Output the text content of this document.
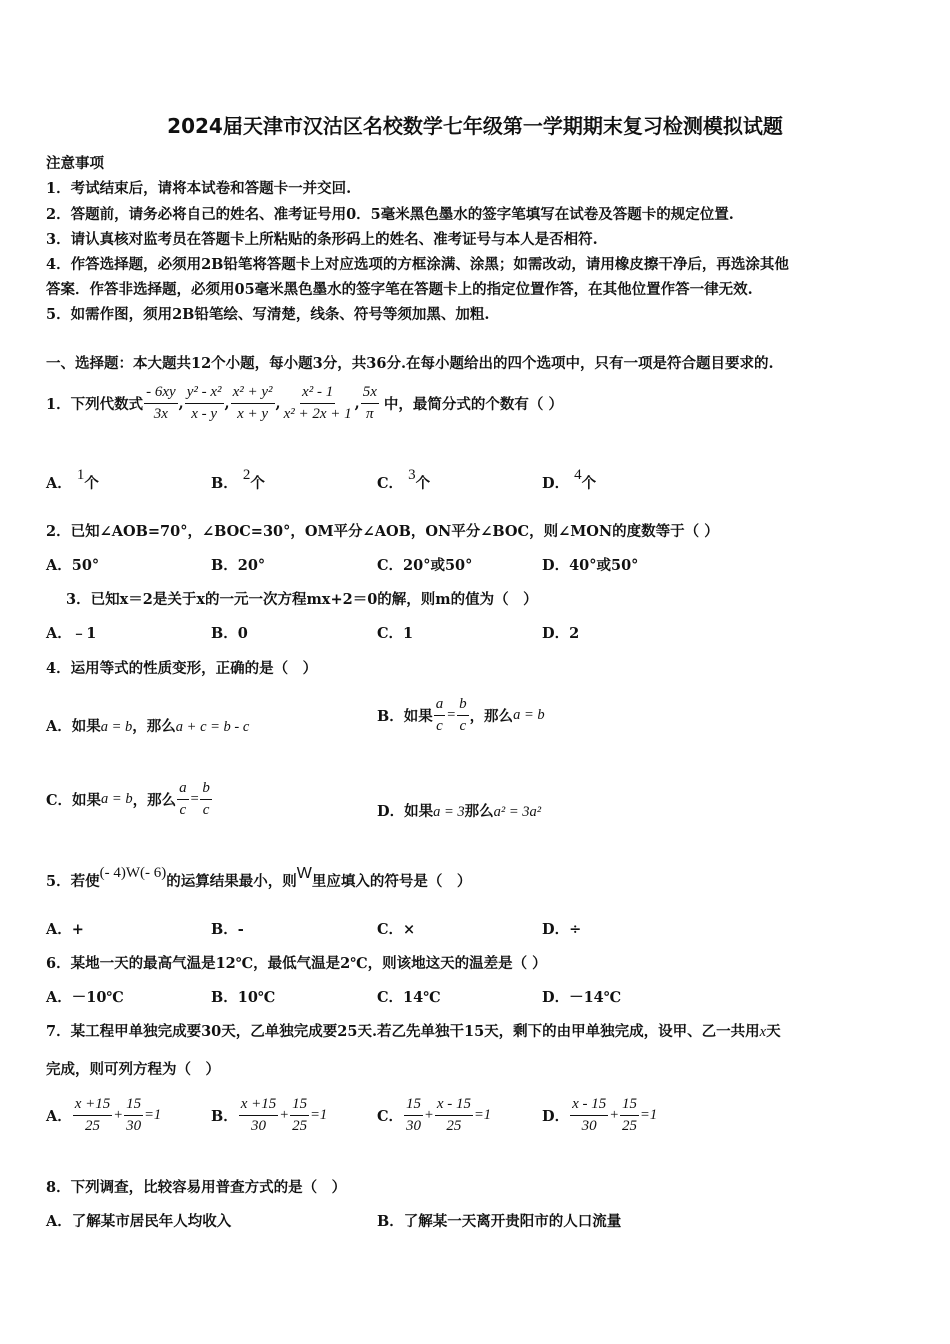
2024届天津市汉沽区名校数学七年级第一学期期末复习检测模拟试题
注意事项
1．考试结束后，请将本试卷和答题卡一并交回.
2．答题前，请务必将自己的姓名、准考证号用0．5毫米黑色墨水的签字笔填写在试卷及答题卡的规定位置.
3．请认真核对监考员在答题卡上所粘贴的条形码上的姓名、准考证号与本人是否相符.
4．作答选择题，必须用2B铅笔将答题卡上对应选项的方框涂满、涂黑；如需改动，请用橡皮擦干净后，再选涂其他
答案．作答非选择题，必须用05毫米黑色墨水的签字笔在答题卡上的指定位置作答，在其他位置作答一律无效.
5．如需作图，须用2B铅笔绘、写清楚，线条、符号等须加黑、加粗.
一、选择题：本大题共12个小题，每小题3分，共36分.在每小题给出的四个选项中，只有一项是符合题目要求的.
1．下列代数式 $\frac{- 6xy}{3x}$ , $\frac{\text{y² - x²}}{x - y}$ , $\frac{\text{x² + y²}}{x + y}$ , $\frac{\text{x² - 1}}{\text{x² + 2x + 1}}$ , $\frac{5x}{\pi}$ 中，最简分式的个数有（ ）
A． 1个	B． 2个	C． 3个	D． 4个
2．已知∠AOB=70°，∠BOC=30°，OM平分∠AOB，ON平分∠BOC，则∠MON的度数等于（ ）
A．50°	B．20°	C．20°或50°	D．40°或50°
3．已知x＝2是关于x的一元一次方程mx+2＝0的解，则m的值为（　）
A．﹣1	B．0	C．1	D．2
4．运用等式的性质变形，正确的是（　）
A．如果a = b，那么a + c = b - c
B．如果 $\frac{a}{c} = \frac{b}{c}$ ，那么 a = b
C．如果 a = b ，那么 $\frac{a}{c} = \frac{b}{c}$	D．如果a = 3那么a² = 3a²
5．若使(- 4)W(- 6)的运算结果最小，则W里应填入的符号是（　）
A．+	B．-	C．×	D．÷
6．某地一天的最高气温是12℃，最低气温是2℃，则该地这天的温差是（ ）
A．－10℃	B．10℃	C．14℃	D．－14℃
7．某工程甲单独完成要30天，乙单独完成要25天.若乙先单独干15天，剩下的由甲单独完成，设甲、乙一共用x天
完成，则可列方程为（　）
A． $\frac{x +15}{25} + \frac{15}{30} =1$	B． $\frac{x +15}{30} + \frac{15}{25} =1$	C． $\frac{15}{30} + \frac{x - 15}{25} =1$	D． $\frac{x - 15}{30} + \frac{15}{25} =1$
8．下列调查，比较容易用普查方式的是（　）
A．了解某市居民年人均收入	B．了解某一天离开贵阳市的人口流量
